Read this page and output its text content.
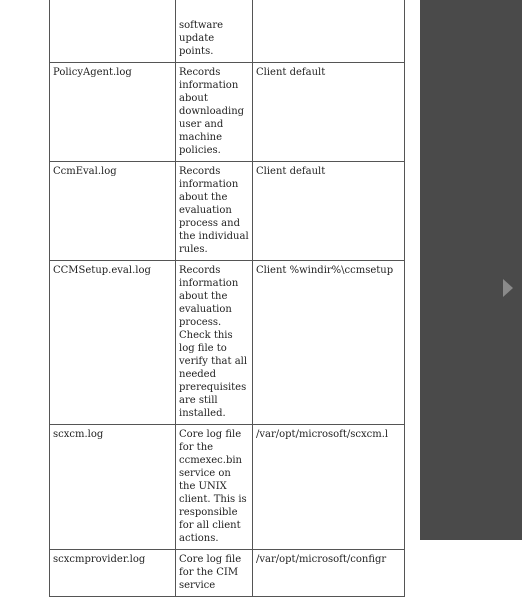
	software update points.	
PolicyAgent.log	Records information about downloading user and machine policies.	Client default
CcmEval.log	Records information about the evaluation process and the individual rules.	Client default
CCMSetup.eval.log	Records information about the evaluation process. Check this log file to verify that all needed prerequisites are still installed.	Client %windir%\ccmsetup
scxcm.log	Core log file for the ccmexec.bin service on the UNIX client. This is responsible for all client actions.	/var/opt/microsoft/scxcm.l
scxcmprovider.log	Core log file for the CIM service	/var/opt/microsoft/configr
